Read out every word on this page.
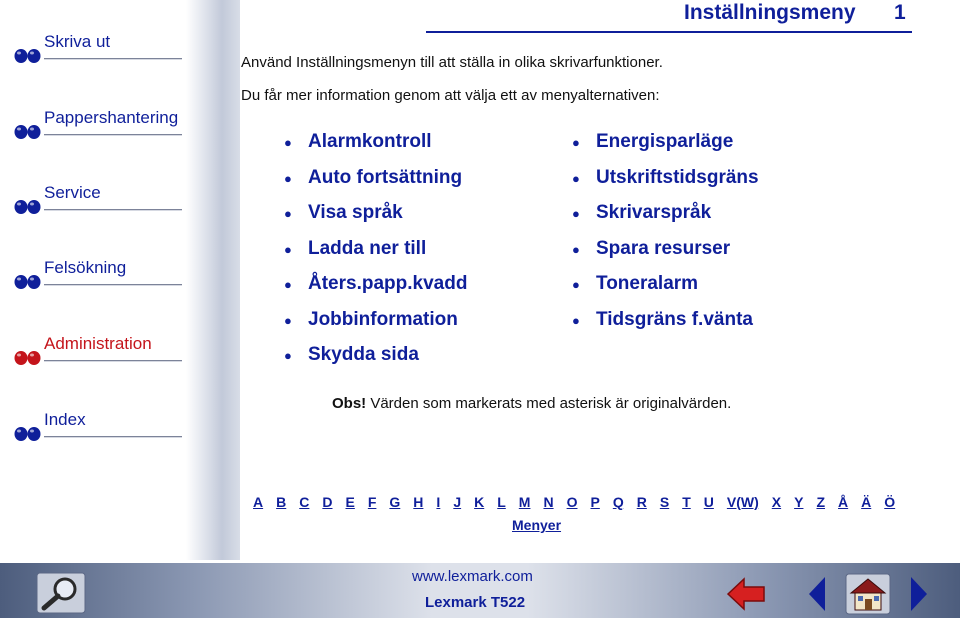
Skriva ut
Pappershantering
Service
Felsökning
Administration
Index
Inställningsmeny 1
Använd Inställningsmenyn till att ställa in olika skrivarfunktioner.
Du får mer information genom att välja ett av menyalternativen:
● Alarmkontroll
● Auto fortsättning
● Visa språk
● Ladda ner till
● Åters.papp.kvadd
● Jobbinformation
● Skydda sida
● Energisparläge
● Utskriftstidsgräns
● Skrivarspråk
● Spara resurser
● Toneralarm
● Tidsgräns f.vänta
Obs! Värden som markerats med asterisk är originalvärden.
A B C D E F G H I J K L M N O P Q R S T U V(W) X Y Z Å Ä Ö
Menyer
www.lexmark.com
Lexmark T522
